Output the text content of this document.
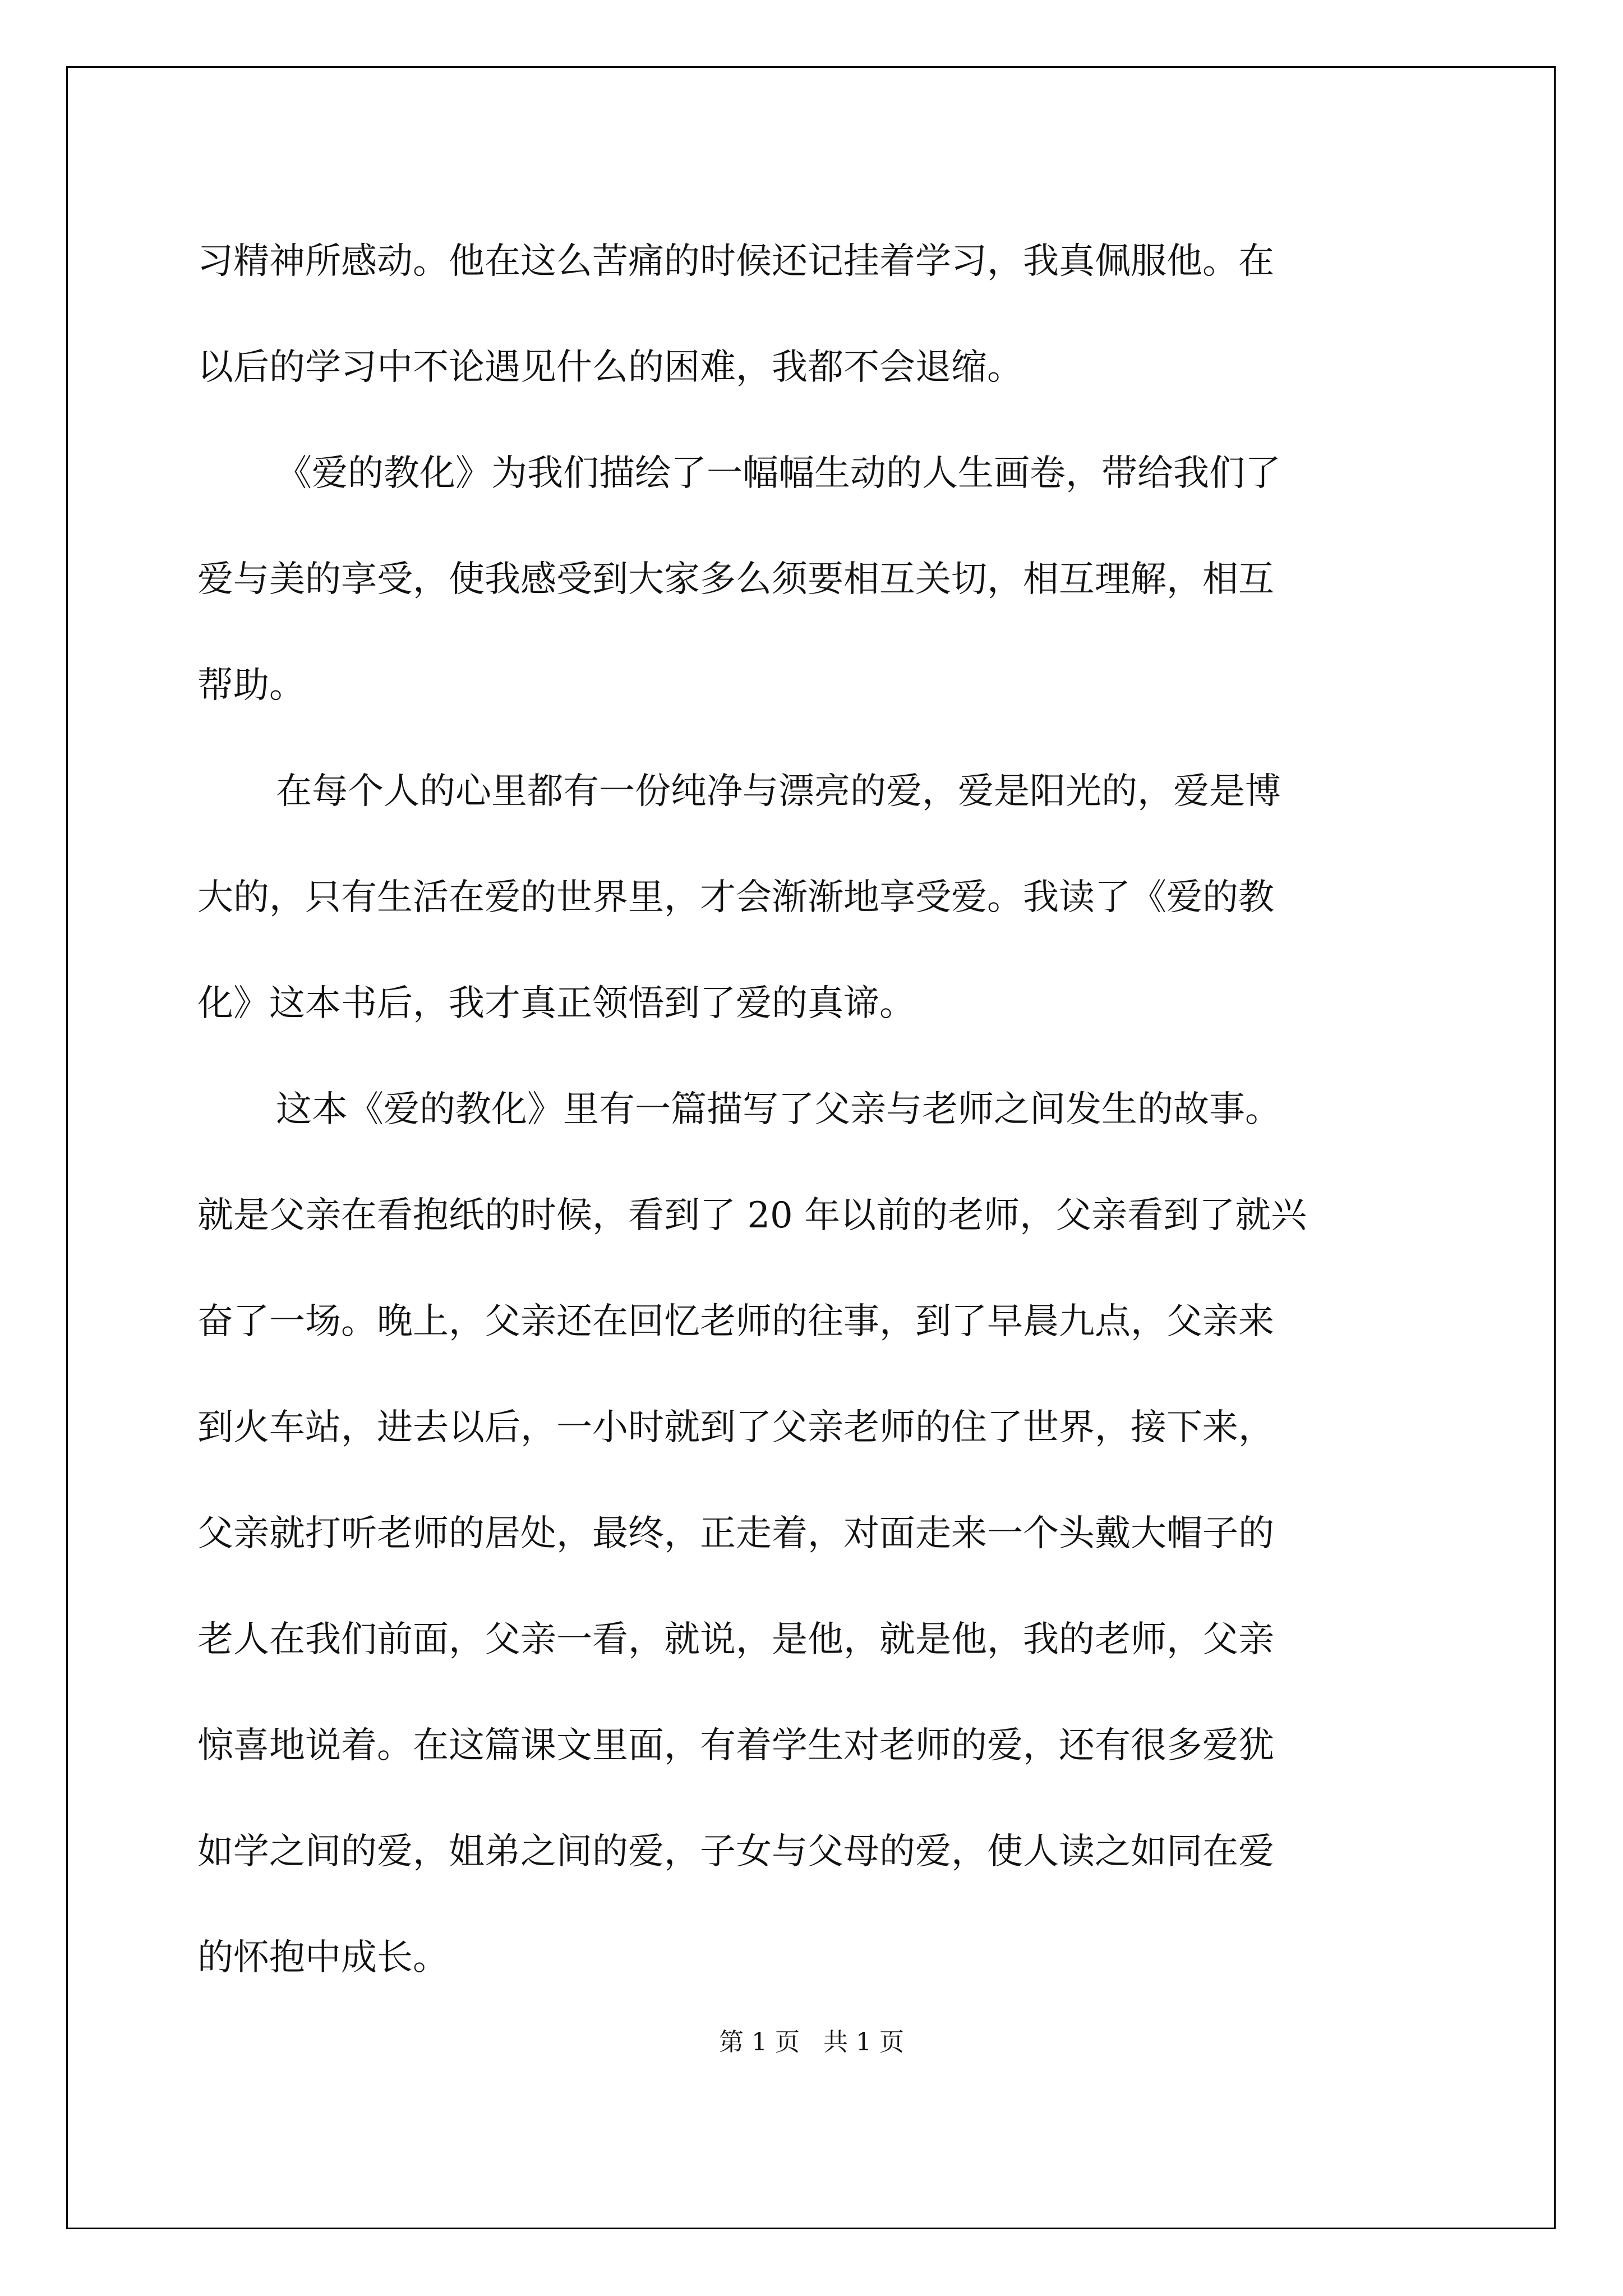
习精神所感动。他在这么苦痛的时候还记挂着学习，我真佩服他。在
以后的学习中不论遇见什么的困难，我都不会退缩。
《爱的教化》为我们描绘了一幅幅生动的人生画卷，带给我们了
爱与美的享受，使我感受到大家多么须要相互关切，相互理解，相互
帮助。
在每个人的心里都有一份纯净与漂亮的爱，爱是阳光的，爱是博
大的，只有生活在爱的世界里，才会渐渐地享受爱。我读了《爱的教
化》这本书后，我才真正领悟到了爱的真谛。
这本《爱的教化》里有一篇描写了父亲与老师之间发生的故事。
就是父亲在看抱纸的时候，看到了 20 年以前的老师，父亲看到了就兴
奋了一场。晚上，父亲还在回忆老师的往事，到了早晨九点，父亲来
到火车站，进去以后，一小时就到了父亲老师的住了世界，接下来，
父亲就打听老师的居处，最终，正走着，对面走来一个头戴大帽子的
老人在我们前面，父亲一看，就说，是他，就是他，我的老师，父亲
惊喜地说着。在这篇课文里面，有着学生对老师的爱，还有很多爱犹
如学之间的爱，姐弟之间的爱，子女与父母的爱，使人读之如同在爱
的怀抱中成长。
第 1 页   共 1 页
